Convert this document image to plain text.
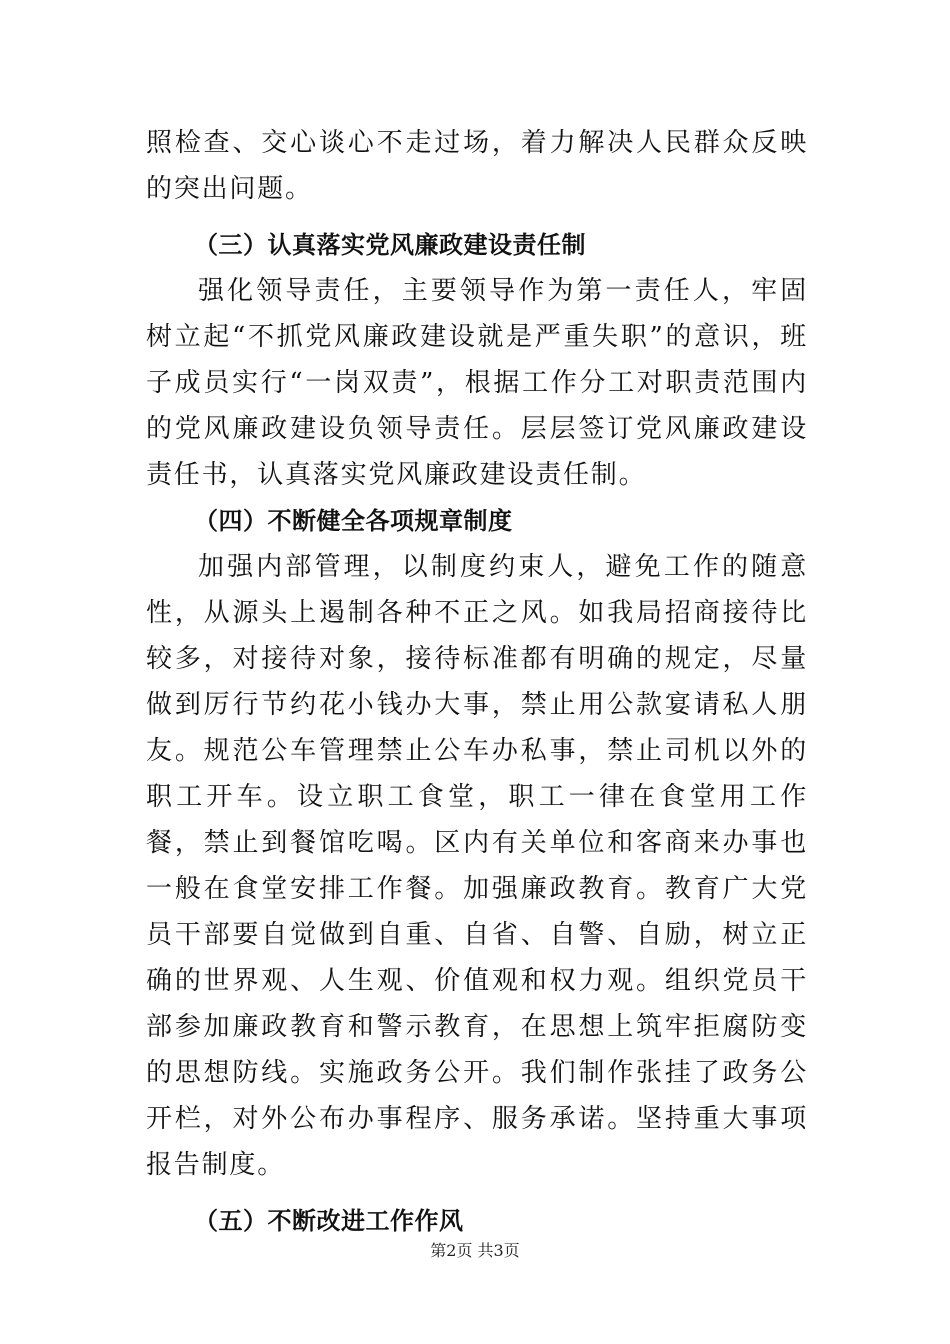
照检查、交心谈心不走过场，着力解决人民群众反映的突出问题。

（三）认真落实党风廉政建设责任制

强化领导责任，主要领导作为第一责任人，牢固树立起“不抓党风廉政建设就是严重失职”的意识，班子成员实行“一岗双责”，根据工作分工对职责范围内的党风廉政建设负领导责任。层层签订党风廉政建设责任书，认真落实党风廉政建设责任制。

（四）不断健全各项规章制度

加强内部管理，以制度约束人，避免工作的随意性，从源头上遏制各种不正之风。如我局招商接待比较多，对接待对象，接待标准都有明确的规定，尽量做到厉行节约花小钱办大事，禁止用公款宴请私人朋友。规范公车管理禁止公车办私事，禁止司机以外的职工开车。设立职工食堂，职工一律在食堂用工作餐，禁止到餐馆吃喝。区内有关单位和客商来办事也一般在食堂安排工作餐。加强廉政教育。教育广大党员干部要自觉做到自重、自省、自警、自励，树立正确的世界观、人生观、价值观和权力观。组织党员干部参加廉政教育和警示教育，在思想上筑牢拒腐防变的思想防线。实施政务公开。我们制作张挂了政务公开栏，对外公布办事程序、服务承诺。坚持重大事项报告制度。

（五）不断改进工作作风

第2页 共3页
